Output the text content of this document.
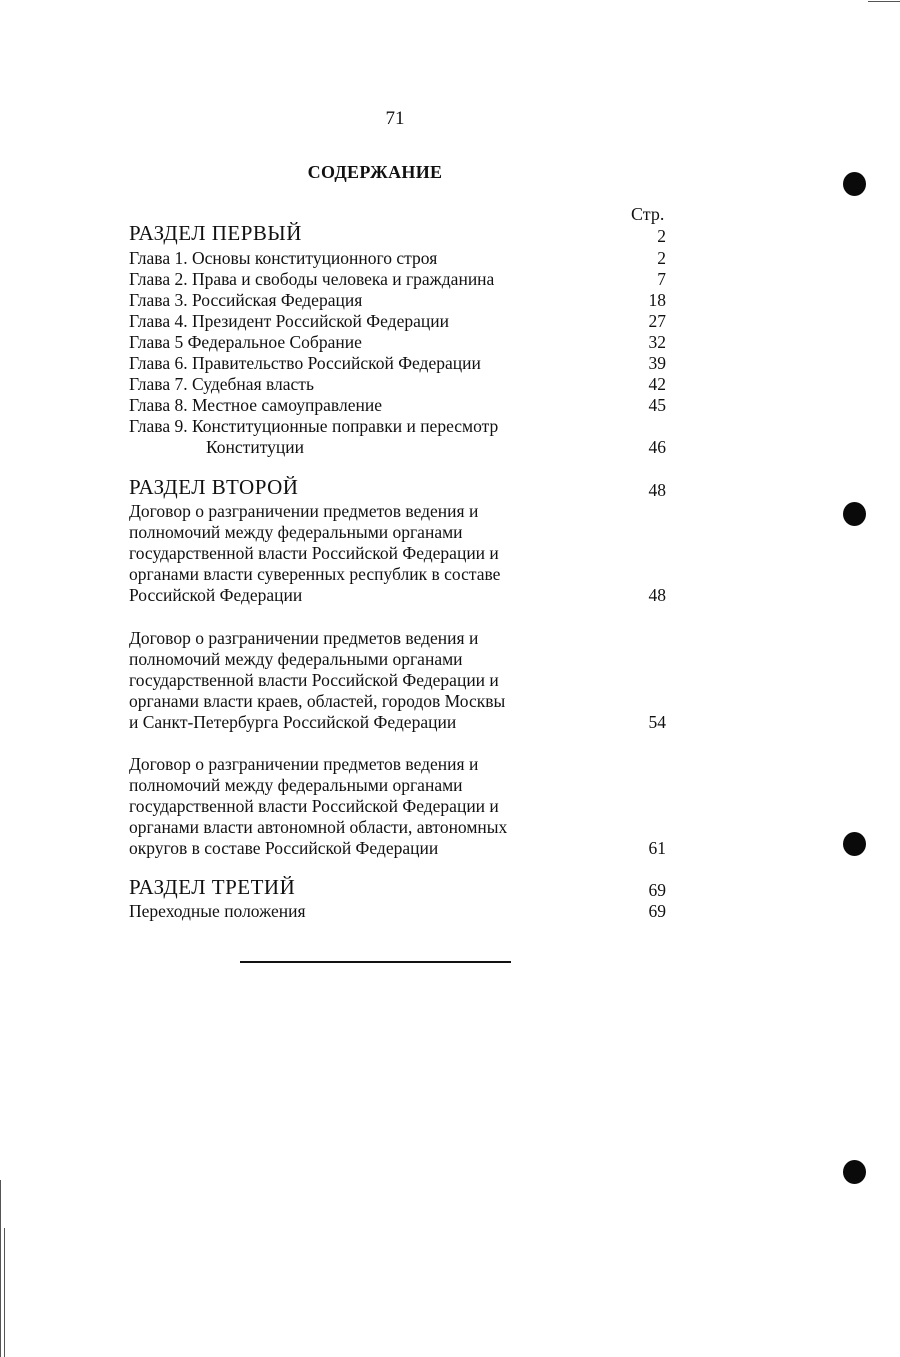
71
СОДЕРЖАНИЕ
Стр.
РАЗДЕЛ ПЕРВЫЙ	2
Глава 1. Основы конституционного строя	2
Глава 2. Права и свободы человека и гражданина	7
Глава 3. Российская Федерация	18
Глава 4. Президент Российской Федерации	27
Глава 5 Федеральное Собрание	32
Глава 6. Правительство Российской Федерации	39
Глава 7. Судебная власть	42
Глава 8. Местное самоуправление	45
Глава 9. Конституционные поправки и пересмотр
Конституции	46
РАЗДЕЛ ВТОРОЙ	48
Договор о разграничении предметов ведения и
полномочий между федеральными органами
государственной власти Российской Федерации и
органами власти суверенных республик в составе
Российской Федерации	48
Договор о разграничении предметов ведения и
полномочий между федеральными органами
государственной власти Российской Федерации и
органами власти краев, областей, городов Москвы
и Санкт-Петербурга Российской Федерации	54
Договор о разграничении предметов ведения и
полномочий между федеральными органами
государственной власти Российской Федерации и
органами власти автономной области, автономных
округов в составе Российской Федерации	61
РАЗДЕЛ ТРЕТИЙ	69
Переходные положения	69
